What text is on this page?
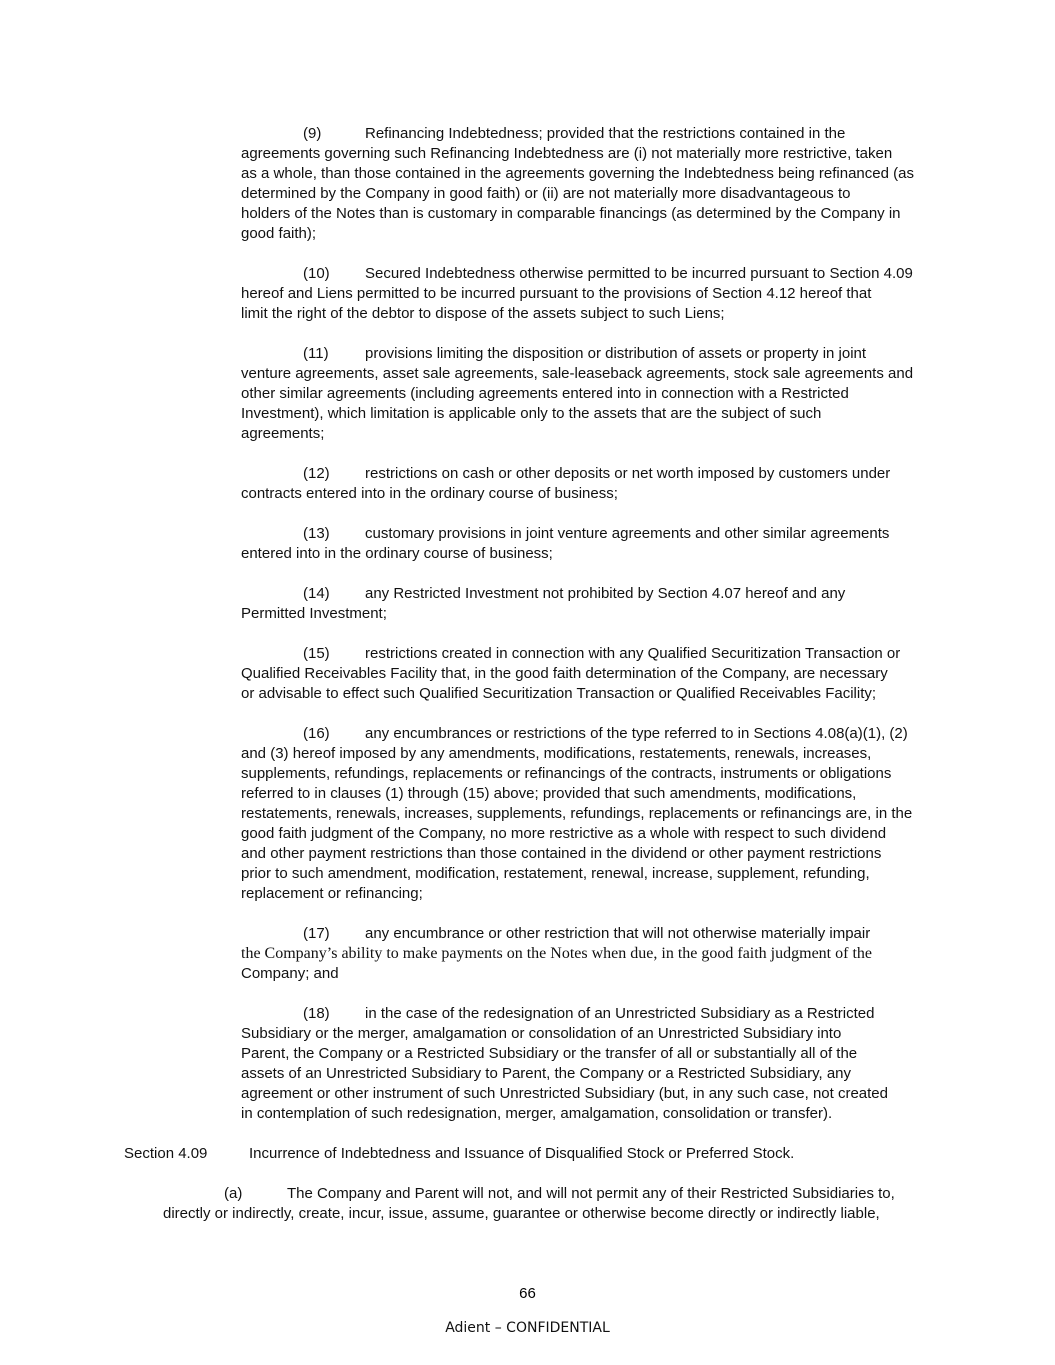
(9)	Refinancing Indebtedness; provided that the restrictions contained in the
agreements governing such Refinancing Indebtedness are (i) not materially more restrictive, taken
as a whole, than those contained in the agreements governing the Indebtedness being refinanced (as
determined by the Company in good faith) or (ii) are not materially more disadvantageous to
holders of the Notes than is customary in comparable financings (as determined by the Company in
good faith);
(10) Secured Indebtedness otherwise permitted to be incurred pursuant to Section 4.09
hereof and Liens permitted to be incurred pursuant to the provisions of Section 4.12 hereof that
limit the right of the debtor to dispose of the assets subject to such Liens;
(11) provisions limiting the disposition or distribution of assets or property in joint
venture agreements, asset sale agreements, sale-leaseback agreements, stock sale agreements and
other similar agreements (including agreements entered into in connection with a Restricted
Investment), which limitation is applicable only to the assets that are the subject of such
agreements;
(12) restrictions on cash or other deposits or net worth imposed by customers under
contracts entered into in the ordinary course of business;
(13) customary provisions in joint venture agreements and other similar agreements
entered into in the ordinary course of business;
(14) any Restricted Investment not prohibited by Section 4.07 hereof and any
Permitted Investment;
(15) restrictions created in connection with any Qualified Securitization Transaction or
Qualified Receivables Facility that, in the good faith determination of the Company, are necessary
or advisable to effect such Qualified Securitization Transaction or Qualified Receivables Facility;
(16) any encumbrances or restrictions of the type referred to in Sections 4.08(a)(1), (2)
and (3) hereof imposed by any amendments, modifications, restatements, renewals, increases,
supplements, refundings, replacements or refinancings of the contracts, instruments or obligations
referred to in clauses (1) through (15) above; provided that such amendments, modifications,
restatements, renewals, increases, supplements, refundings, replacements or refinancings are, in the
good faith judgment of the Company, no more restrictive as a whole with respect to such dividend
and other payment restrictions than those contained in the dividend or other payment restrictions
prior to such amendment, modification, restatement, renewal, increase, supplement, refunding,
replacement or refinancing;
(17) any encumbrance or other restriction that will not otherwise materially impair
the Company’s ability to make payments on the Notes when due, in the good faith judgment of the
Company; and
(18) in the case of the redesignation of an Unrestricted Subsidiary as a Restricted
Subsidiary or the merger, amalgamation or consolidation of an Unrestricted Subsidiary into
Parent, the Company or a Restricted Subsidiary or the transfer of all or substantially all of the
assets of an Unrestricted Subsidiary to Parent, the Company or a Restricted Subsidiary, any
agreement or other instrument of such Unrestricted Subsidiary (but, in any such case, not created
in contemplation of such redesignation, merger, amalgamation, consolidation or transfer).
Section 4.09	Incurrence of Indebtedness and Issuance of Disqualified Stock or Preferred Stock.
(a)	The Company and Parent will not, and will not permit any of their Restricted Subsidiaries to,
directly or indirectly, create, incur, issue, assume, guarantee or otherwise become directly or indirectly liable,
66
Adient – CONFIDENTIAL
